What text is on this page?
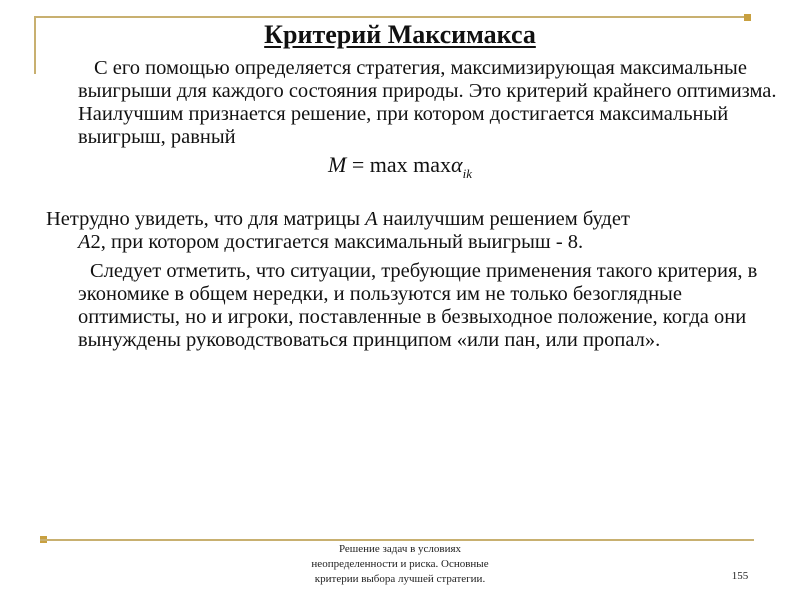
Критерий Максимакса

С его помощью определяется стратегия, максимизирующая максимальные выигрыши для каждого состояния природы. Это критерий крайнего оптимизма. Наилучшим признается решение, при котором достигается максимальный выигрыш, равный

M = max maxα$_{ik}$

Нетрудно увидеть, что для матрицы A наилучшим решением будет
A2, при котором достигается максимальный выигрыш - 8.

Следует отметить, что ситуации, требующие применения такого критерия, в экономике в общем нередки, и пользуются им не только безоглядные оптимисты, но и игроки, поставленные в безвыходное положение, когда они вынуждены руководствоваться принципом «или пан, или пропал».

Решение задач в условиях
неопределенности и риска. Основные
критерии выбора лучшей стратегии.	155
